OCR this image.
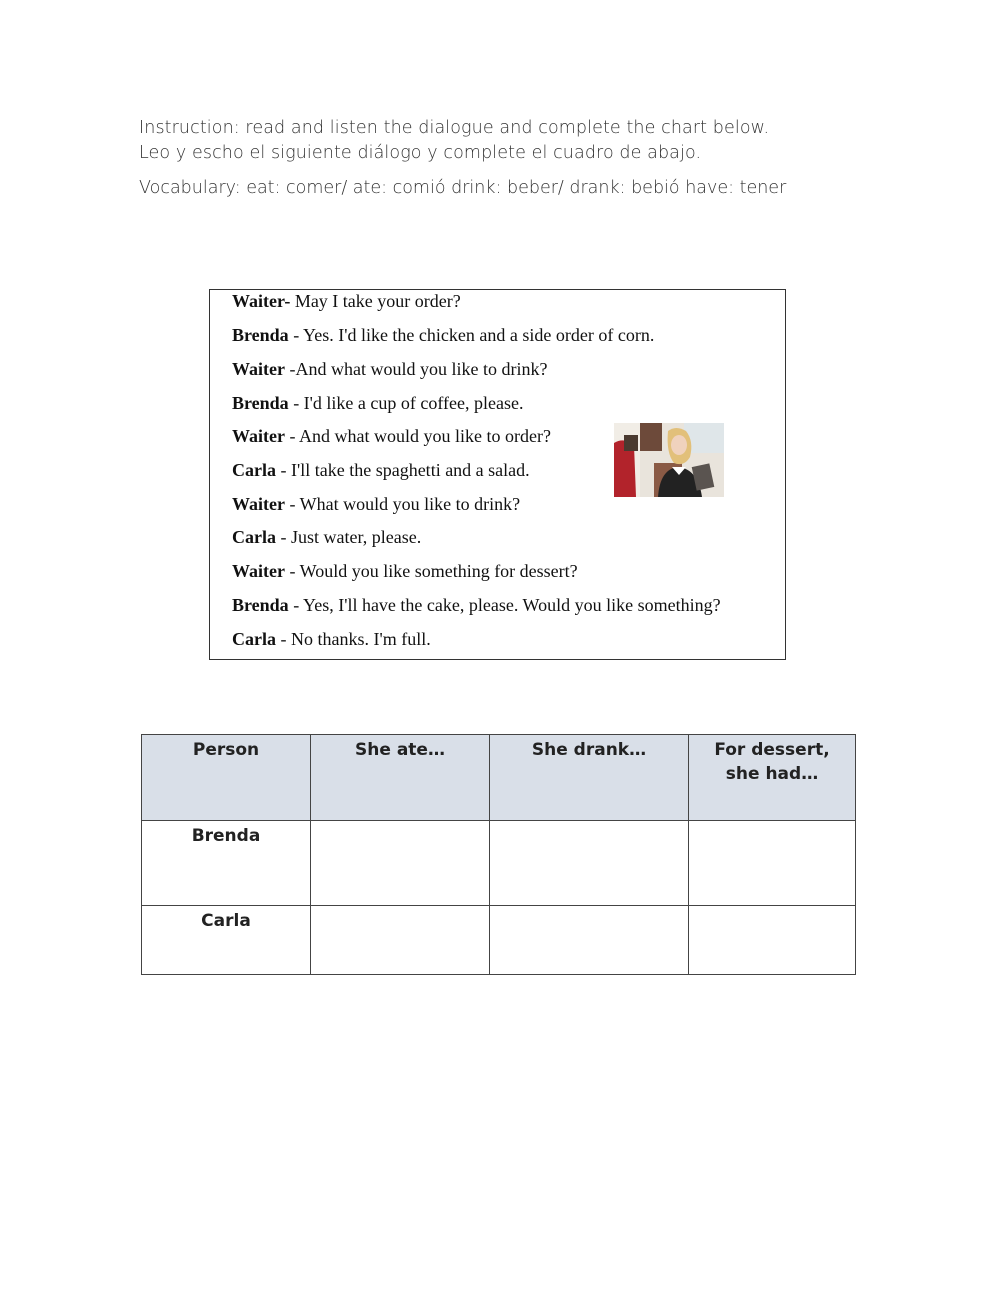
Instruction: read and listen the dialogue and complete the chart below.

Leo y escho el siguiente diálogo y complete el cuadro de abajo.

Vocabulary: eat: comer/ ate: comió drink: beber/ drank: bebió have: tener
Waiter- May I take your order?
Brenda - Yes. I'd like the chicken and a side order of corn.
Waiter -And what would you like to drink?
Brenda - I'd like a cup of coffee, please.
Waiter - And what would you like to order?
Carla - I'll take the spaghetti and a salad.
Waiter - What would you like to drink?
Carla - Just water, please.
Waiter - Would you like something for dessert?
Brenda - Yes, I'll have the cake, please. Would you like something?
Carla - No thanks. I'm full.
Person	She ate…	She drank…	For dessert, she had…

Brenda			

Carla			
